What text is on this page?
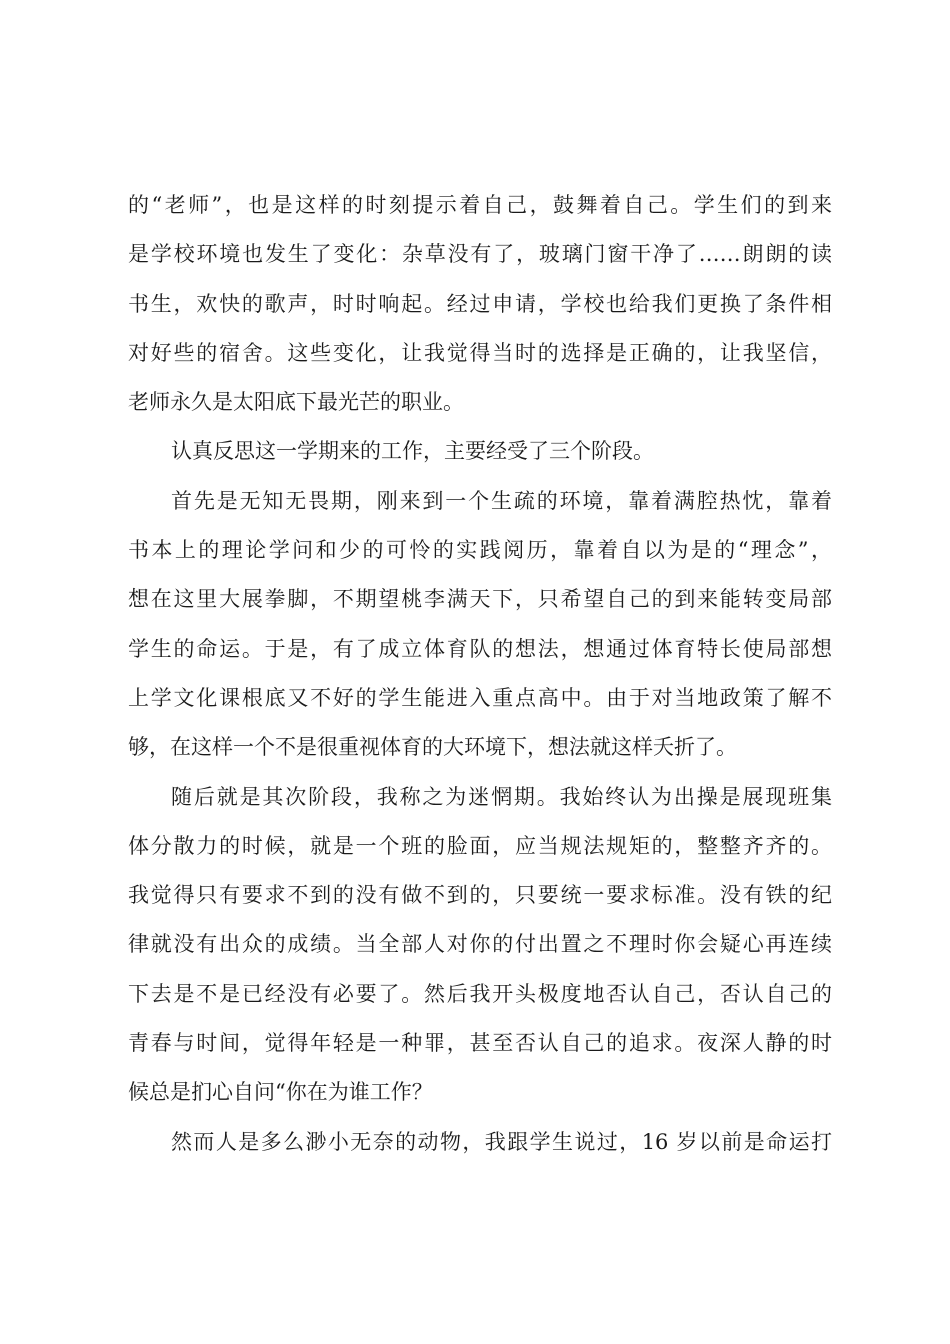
的“老师”，也是这样的时刻提示着自己，鼓舞着自己。学生们的到来
是学校环境也发生了变化：杂草没有了，玻璃门窗干净了……朗朗的读
书生，欢快的歌声，时时响起。经过申请，学校也给我们更换了条件相
对好些的宿舍。这些变化，让我觉得当时的选择是正确的，让我坚信，
老师永久是太阳底下最光芒的职业。
认真反思这一学期来的工作，主要经受了三个阶段。
首先是无知无畏期，刚来到一个生疏的环境，靠着满腔热忱，靠着
书本上的理论学问和少的可怜的实践阅历，靠着自以为是的“理念”，
想在这里大展拳脚，不期望桃李满天下，只希望自己的到来能转变局部
学生的命运。于是，有了成立体育队的想法，想通过体育特长使局部想
上学文化课根底又不好的学生能进入重点高中。由于对当地政策了解不
够，在这样一个不是很重视体育的大环境下，想法就这样夭折了。
随后就是其次阶段，我称之为迷惘期。我始终认为出操是展现班集
体分散力的时候，就是一个班的脸面，应当规法规矩的，整整齐齐的。
我觉得只有要求不到的没有做不到的，只要统一要求标准。没有铁的纪
律就没有出众的成绩。当全部人对你的付出置之不理时你会疑心再连续
下去是不是已经没有必要了。然后我开头极度地否认自己，否认自己的
青春与时间，觉得年轻是一种罪，甚至否认自己的追求。夜深人静的时
候总是扪心自问“你在为谁工作？
然而人是多么渺小无奈的动物，我跟学生说过，16 岁以前是命运打
